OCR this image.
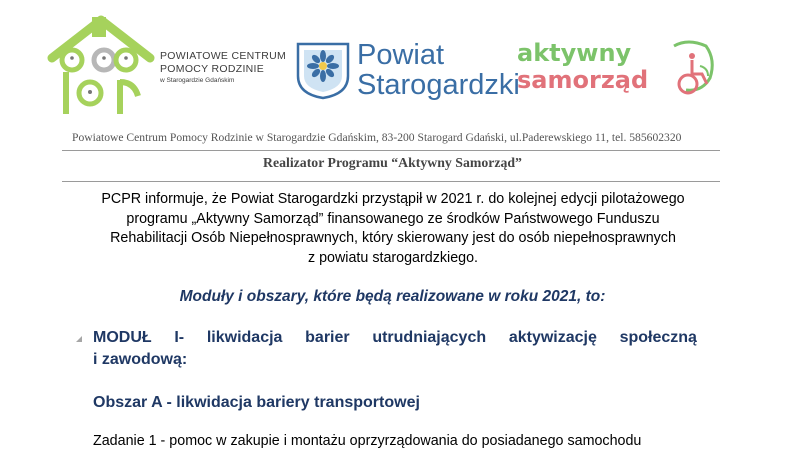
POWIATOWE CENTRUM
POMOCY RODZINIE
w Starogardzie Gdańskim
Powiat
Starogardzki
aktywny
samorząd
Powiatowe Centrum Pomocy Rodzinie w Starogardzie Gdańskim, 83-200 Starogard Gdański, ul.Paderewskiego 11, tel. 585602320
Realizator Programu “Aktywny Samorząd”
PCPR informuje, że Powiat Starogardzki przystąpił w 2021 r. do kolejnej edycji pilotażowego
programu „Aktywny Samorząd” finansowanego ze środków Państwowego Funduszu
Rehabilitacji Osób Niepełnosprawnych, który skierowany jest do osób niepełnosprawnych
z powiatu starogardzkiego.
Moduły i obszary, które będą realizowane w roku 2021, to:
MODUŁ I- likwidacja barier utrudniających aktywizację społeczną
i zawodową:
Obszar A - likwidacja bariery transportowej
Zadanie 1 - pomoc w zakupie i montażu oprzyrządowania do posiadanego samochodu
